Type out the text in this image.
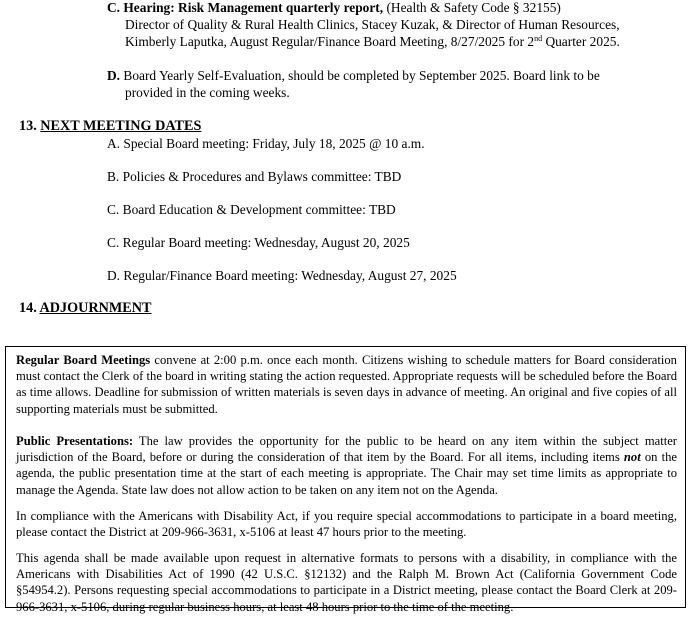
C. Hearing: Risk Management quarterly report, (Health & Safety Code § 32155)
Director of Quality & Rural Health Clinics, Stacey Kuzak, & Director of Human Resources,
Kimberly Laputka, August Regular/Finance Board Meeting, 8/27/2025 for 2nd Quarter 2025.
D. Board Yearly Self-Evaluation, should be completed by September 2025. Board link to be
provided in the coming weeks.
13. NEXT MEETING DATES
A. Special Board meeting: Friday, July 18, 2025 @ 10 a.m.
B. Policies & Procedures and Bylaws committee: TBD
C. Board Education & Development committee: TBD
C. Regular Board meeting: Wednesday, August 20, 2025
D. Regular/Finance Board meeting: Wednesday, August 27, 2025
14. ADJOURNMENT

Regular Board Meetings convene at 2:00 p.m. once each month. Citizens wishing to schedule matters for Board consideration must contact the Clerk of the board in writing stating the action requested. Appropriate requests will be scheduled before the Board as time allows. Deadline for submission of written materials is seven days in advance of meeting. An original and five copies of all supporting materials must be submitted.

Public Presentations: The law provides the opportunity for the public to be heard on any item within the subject matter jurisdiction of the Board, before or during the consideration of that item by the Board. For all items, including items not on the agenda, the public presentation time at the start of each meeting is appropriate. The Chair may set time limits as appropriate to manage the Agenda. State law does not allow action to be taken on any item not on the Agenda.

In compliance with the Americans with Disability Act, if you require special accommodations to participate in a board meeting, please contact the District at 209-966-3631, x-5106 at least 47 hours prior to the meeting.

This agenda shall be made available upon request in alternative formats to persons with a disability, in compliance with the Americans with Disabilities Act of 1990 (42 U.S.C. §12132) and the Ralph M. Brown Act (California Government Code §54954.2). Persons requesting special accommodations to participate in a District meeting, please contact the Board Clerk at 209-966-3631, x-5106, during regular business hours, at least 48 hours prior to the time of the meeting.
